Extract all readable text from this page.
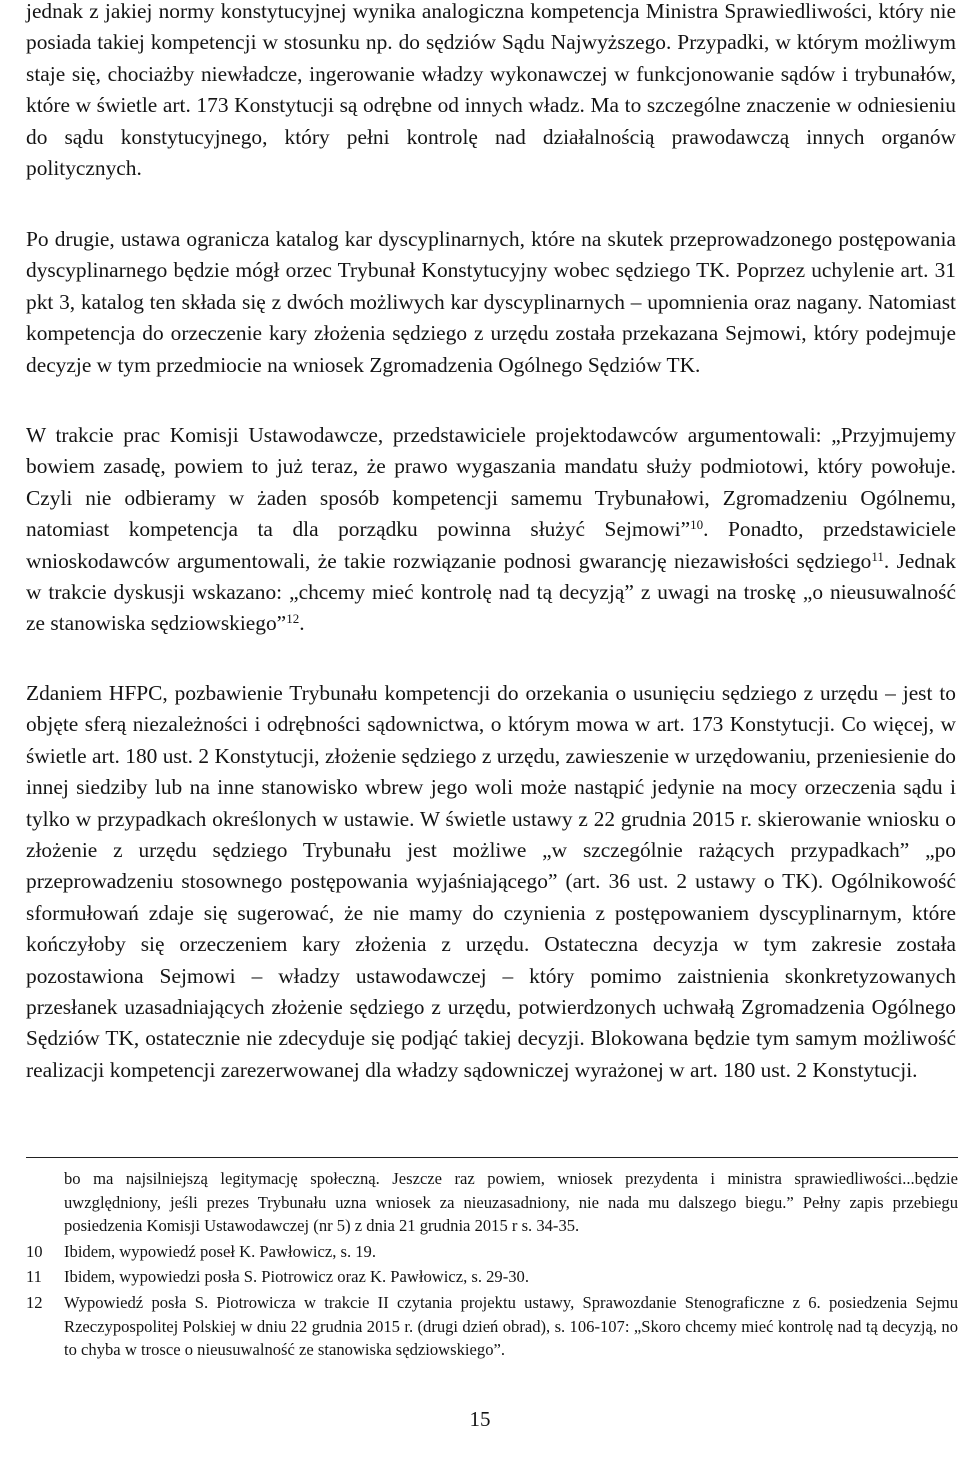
jednak z jakiej normy konstytucyjnej wynika analogiczna kompetencja Ministra Sprawiedliwości, który nie posiada takiej kompetencji w stosunku np. do sędziów Sądu Najwyższego. Przypadki, w którym możliwym staje się, chociażby niewładcze, ingerowanie władzy wykonawczej w funkcjonowanie sądów i trybunałów, które w świetle art. 173 Konstytucji są odrębne od innych władz. Ma to szczególne znaczenie w odniesieniu do sądu konstytucyjnego, który pełni kontrolę nad działalnością prawodawczą innych organów politycznych.

Po drugie, ustawa ogranicza katalog kar dyscyplinarnych, które na skutek przeprowadzonego postępowania dyscyplinarnego będzie mógł orzec Trybunał Konstytucyjny wobec sędziego TK. Poprzez uchylenie art. 31 pkt 3, katalog ten składa się z dwóch możliwych kar dyscyplinarnych – upomnienia oraz nagany. Natomiast kompetencja do orzeczenie kary złożenia sędziego z urzędu została przekazana Sejmowi, który podejmuje decyzje w tym przedmiocie na wniosek Zgromadzenia Ogólnego Sędziów TK.

W trakcie prac Komisji Ustawodawcze, przedstawiciele projektodawców argumentowali: „Przyjmujemy bowiem zasadę, powiem to już teraz, że prawo wygaszania mandatu służy podmiotowi, który powołuje. Czyli nie odbieramy w żaden sposób kompetencji samemu Trybunałowi, Zgromadzeniu Ogólnemu, natomiast kompetencja ta dla porządku powinna służyć Sejmowi”$^{10}$. Ponadto, przedstawiciele wnioskodawców argumentowali, że takie rozwiązanie podnosi gwarancję niezawisłości sędziego$^{11}$. Jednak w trakcie dyskusji wskazano: „chcemy mieć kontrolę nad tą decyzją” z uwagi na troskę „o nieusuwalność ze stanowiska sędziowskiego”$^{12}$.

Zdaniem HFPC, pozbawienie Trybunału kompetencji do orzekania o usunięciu sędziego z urzędu – jest to objęte sferą niezależności i odrębności sądownictwa, o którym mowa w art. 173 Konstytucji. Co więcej, w świetle art. 180 ust. 2 Konstytucji, złożenie sędziego z urzędu, zawieszenie w urzędowaniu, przeniesienie do innej siedziby lub na inne stanowisko wbrew jego woli może nastąpić jedynie na mocy orzeczenia sądu i tylko w przypadkach określonych w ustawie. W świetle ustawy z 22 grudnia 2015 r. skierowanie wniosku o złożenie z urzędu sędziego Trybunału jest możliwe „w szczególnie rażących przypadkach” „po przeprowadzeniu stosownego postępowania wyjaśniającego” (art. 36 ust. 2 ustawy o TK). Ogólnikowość sformułowań zdaje się sugerować, że nie mamy do czynienia z postępowaniem dyscyplinarnym, które kończyłoby się orzeczeniem kary złożenia z urzędu. Ostateczna decyzja w tym zakresie została pozostawiona Sejmowi – władzy ustawodawczej – który pomimo zaistnienia skonkretyzowanych przesłanek uzasadniających złożenie sędziego z urzędu, potwierdzonych uchwałą Zgromadzenia Ogólnego Sędziów TK, ostatecznie nie zdecyduje się podjąć takiej decyzji. Blokowana będzie tym samym możliwość realizacji kompetencji zarezerwowanej dla władzy sądowniczej wyrażonej w art. 180 ust. 2 Konstytucji.

bo ma najsilniejszą legitymację społeczną. Jeszcze raz powiem, wniosek prezydenta i ministra sprawiedliwości...będzie uwzględniony, jeśli prezes Trybunału uzna wniosek za nieuzasadniony, nie nada mu dalszego biegu.” Pełny zapis przebiegu posiedzenia Komisji Ustawodawczej (nr 5) z dnia 21 grudnia 2015 r s. 34-35.

10	Ibidem, wypowiedź poseł K. Pawłowicz, s. 19.
11	Ibidem, wypowiedzi posła S. Piotrowicz oraz K. Pawłowicz, s. 29-30.
12	Wypowiedź posła S. Piotrowicza w trakcie II czytania projektu ustawy, Sprawozdanie Stenograficzne z 6. posiedzenia Sejmu Rzeczypospolitej Polskiej w dniu 22 grudnia 2015 r. (drugi dzień obrad), s. 106-107: „Skoro chcemy mieć kontrolę nad tą decyzją, no to chyba w trosce o nieusuwalność ze stanowiska sędziowskiego”.
15
